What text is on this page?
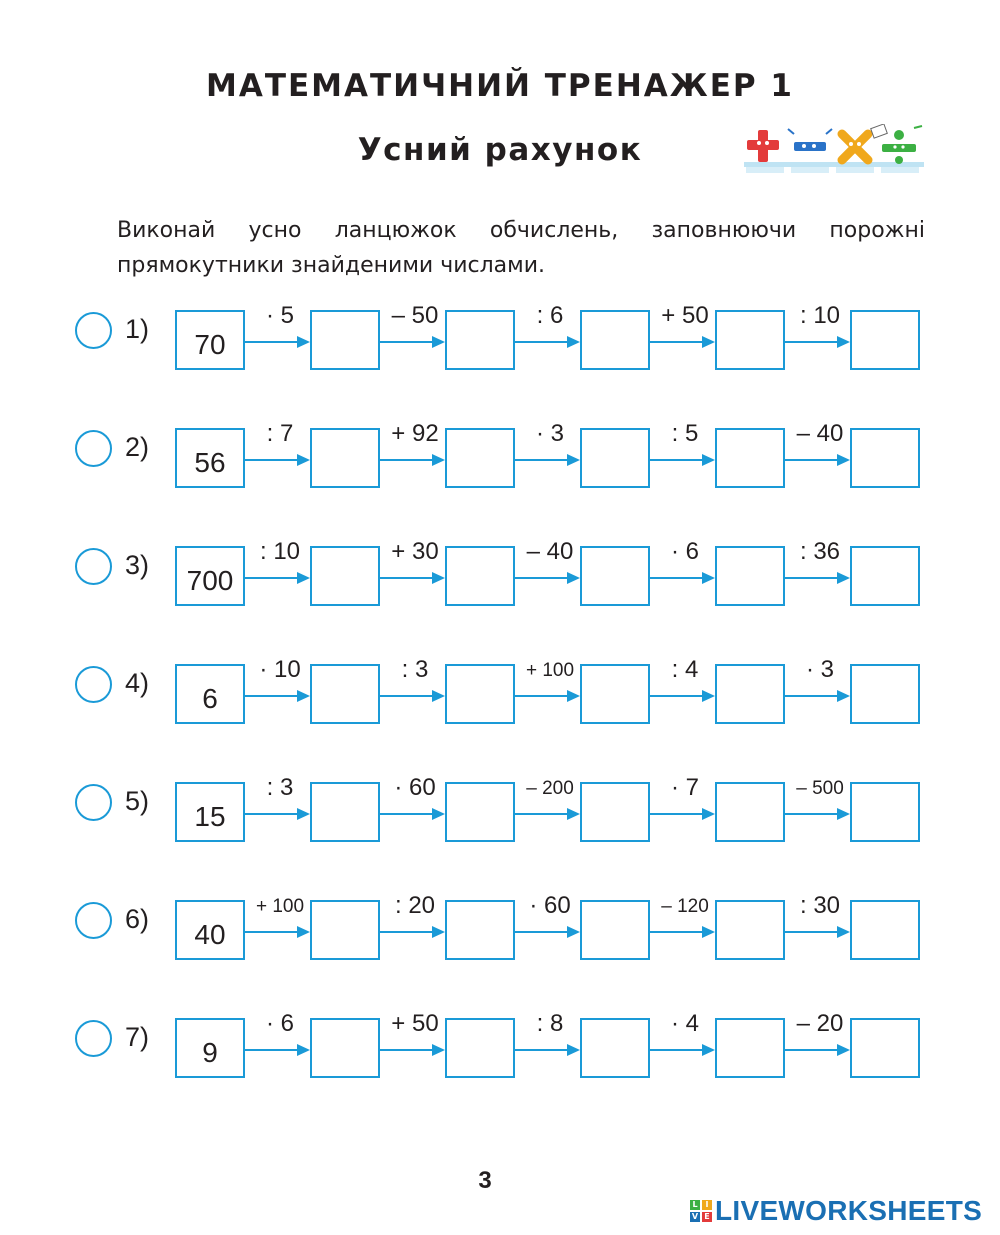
МАТЕМАТИЧНИЙ ТРЕНАЖЕР 1
Усний рахунок
Виконай усно ланцюжок обчислень, заповнюючи порожні прямокутники знайденими числами.
1)	70
· 5	– 50	: 6	+ 50	: 10
2)	56
: 7	+ 92	· 3	: 5	– 40
3)	700
: 10	+ 30	– 40	· 6	: 36
4)	6
· 10	: 3	+ 100	: 4	· 3
5)	15
: 3	· 60	– 200	· 7	– 500
6)	40
+ 100	: 20	· 60	– 120	: 30
7)	9
· 6	+ 50	: 8	· 4	– 20
3
L I
V E LIVEWORKSHEETS
